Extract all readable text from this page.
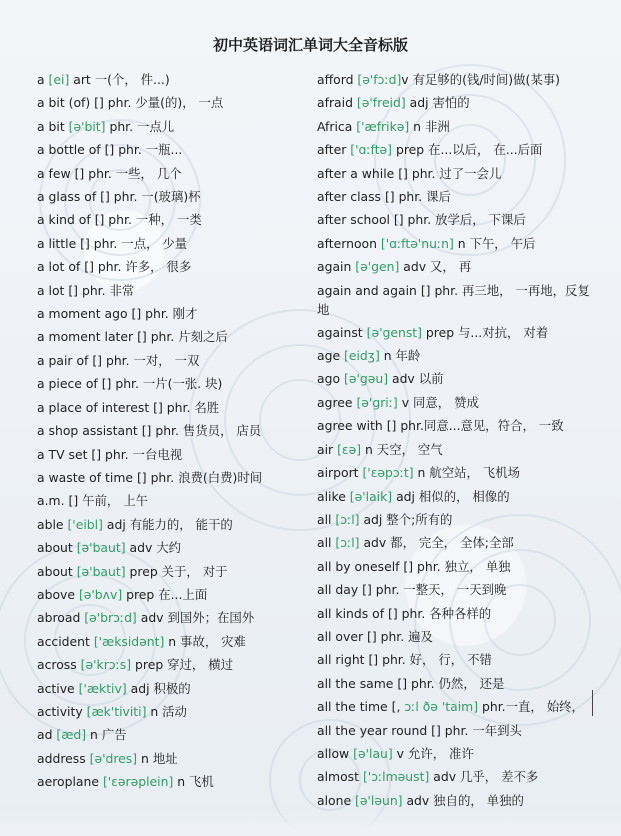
初中英语词汇单词大全音标版
a [ei] art 一(个， 件...)
a bit (of) [] phr. 少量(的)， 一点
a bit [ə'bit] phr. 一点儿
a bottle of [] phr. 一瓶...
a few [] phr. 一些， 几个
a glass of [] phr. 一(玻璃)杯
a kind of [] phr. 一种， 一类
a little [] phr. 一点， 少量
a lot of [] phr. 许多， 很多
a lot [] phr. 非常
a moment ago [] phr. 刚才
a moment later [] phr. 片刻之后
a pair of [] phr. 一对， 一双
a piece of [] phr. 一片(一张. 块)
a place of interest [] phr. 名胜
a shop assistant [] phr. 售货员， 店员
a TV set [] phr. 一台电视
a waste of time [] phr. 浪费(白费)时间
a.m. [] 午前， 上午
able ['eibl] adj 有能力的， 能干的
about [ə'baut] adv 大约
about [ə'baut] prep 关于， 对于
above [ə'bʌv] prep 在...上面
abroad [ə'brɔːd] adv 到国外；在国外
accident ['æksidənt] n 事故， 灾难
across [ə'krɔːs] prep 穿过， 横过
active ['æktiv] adj 积极的
activity [æk'tiviti] n 活动
ad [æd] n 广告
address [ə'dres] n 地址
aeroplane ['ɛərəplein] n 飞机
afford [ə'fɔːd]v 有足够的(钱/时间)做(某事)
afraid [ə'freid] adj 害怕的
Africa ['æfrikə] n 非洲
after ['ɑːftə] prep 在...以后， 在...后面
after a while [] phr. 过了一会儿
after class [] phr. 课后
after school [] phr. 放学后， 下课后
afternoon ['ɑːftə'nuːn] n 下午， 午后
again [ə'gen] adv 又， 再
again and again [] phr. 再三地， 一再地，反复地
against [ə'genst] prep 与...对抗， 对着
age [eidʒ] n 年龄
ago [ə'gəu] adv 以前
agree [ə'griː] v 同意， 赞成
agree with [] phr.同意...意见，符合， 一致
air [ɛə] n 天空， 空气
airport ['ɛəpɔːt] n 航空站， 飞机场
alike [ə'laik] adj 相似的， 相像的
all [ɔːl] adj 整个;所有的
all [ɔːl] adv 都， 完全， 全体;全部
all by oneself [] phr. 独立， 单独
all day [] phr. 一整天， 一天到晚
all kinds of [] phr. 各种各样的
all over [] phr. 遍及
all right [] phr. 好， 行， 不错
all the same [] phr. 仍然， 还是
all the time [, ɔːl ðə 'taim] phr.一直， 始终，
all the year round [] phr. 一年到头
allow [ə'lau] v 允许， 准许
almost ['ɔːlməust] adv 几乎， 差不多
alone [ə'ləun] adv 独自的， 单独的
